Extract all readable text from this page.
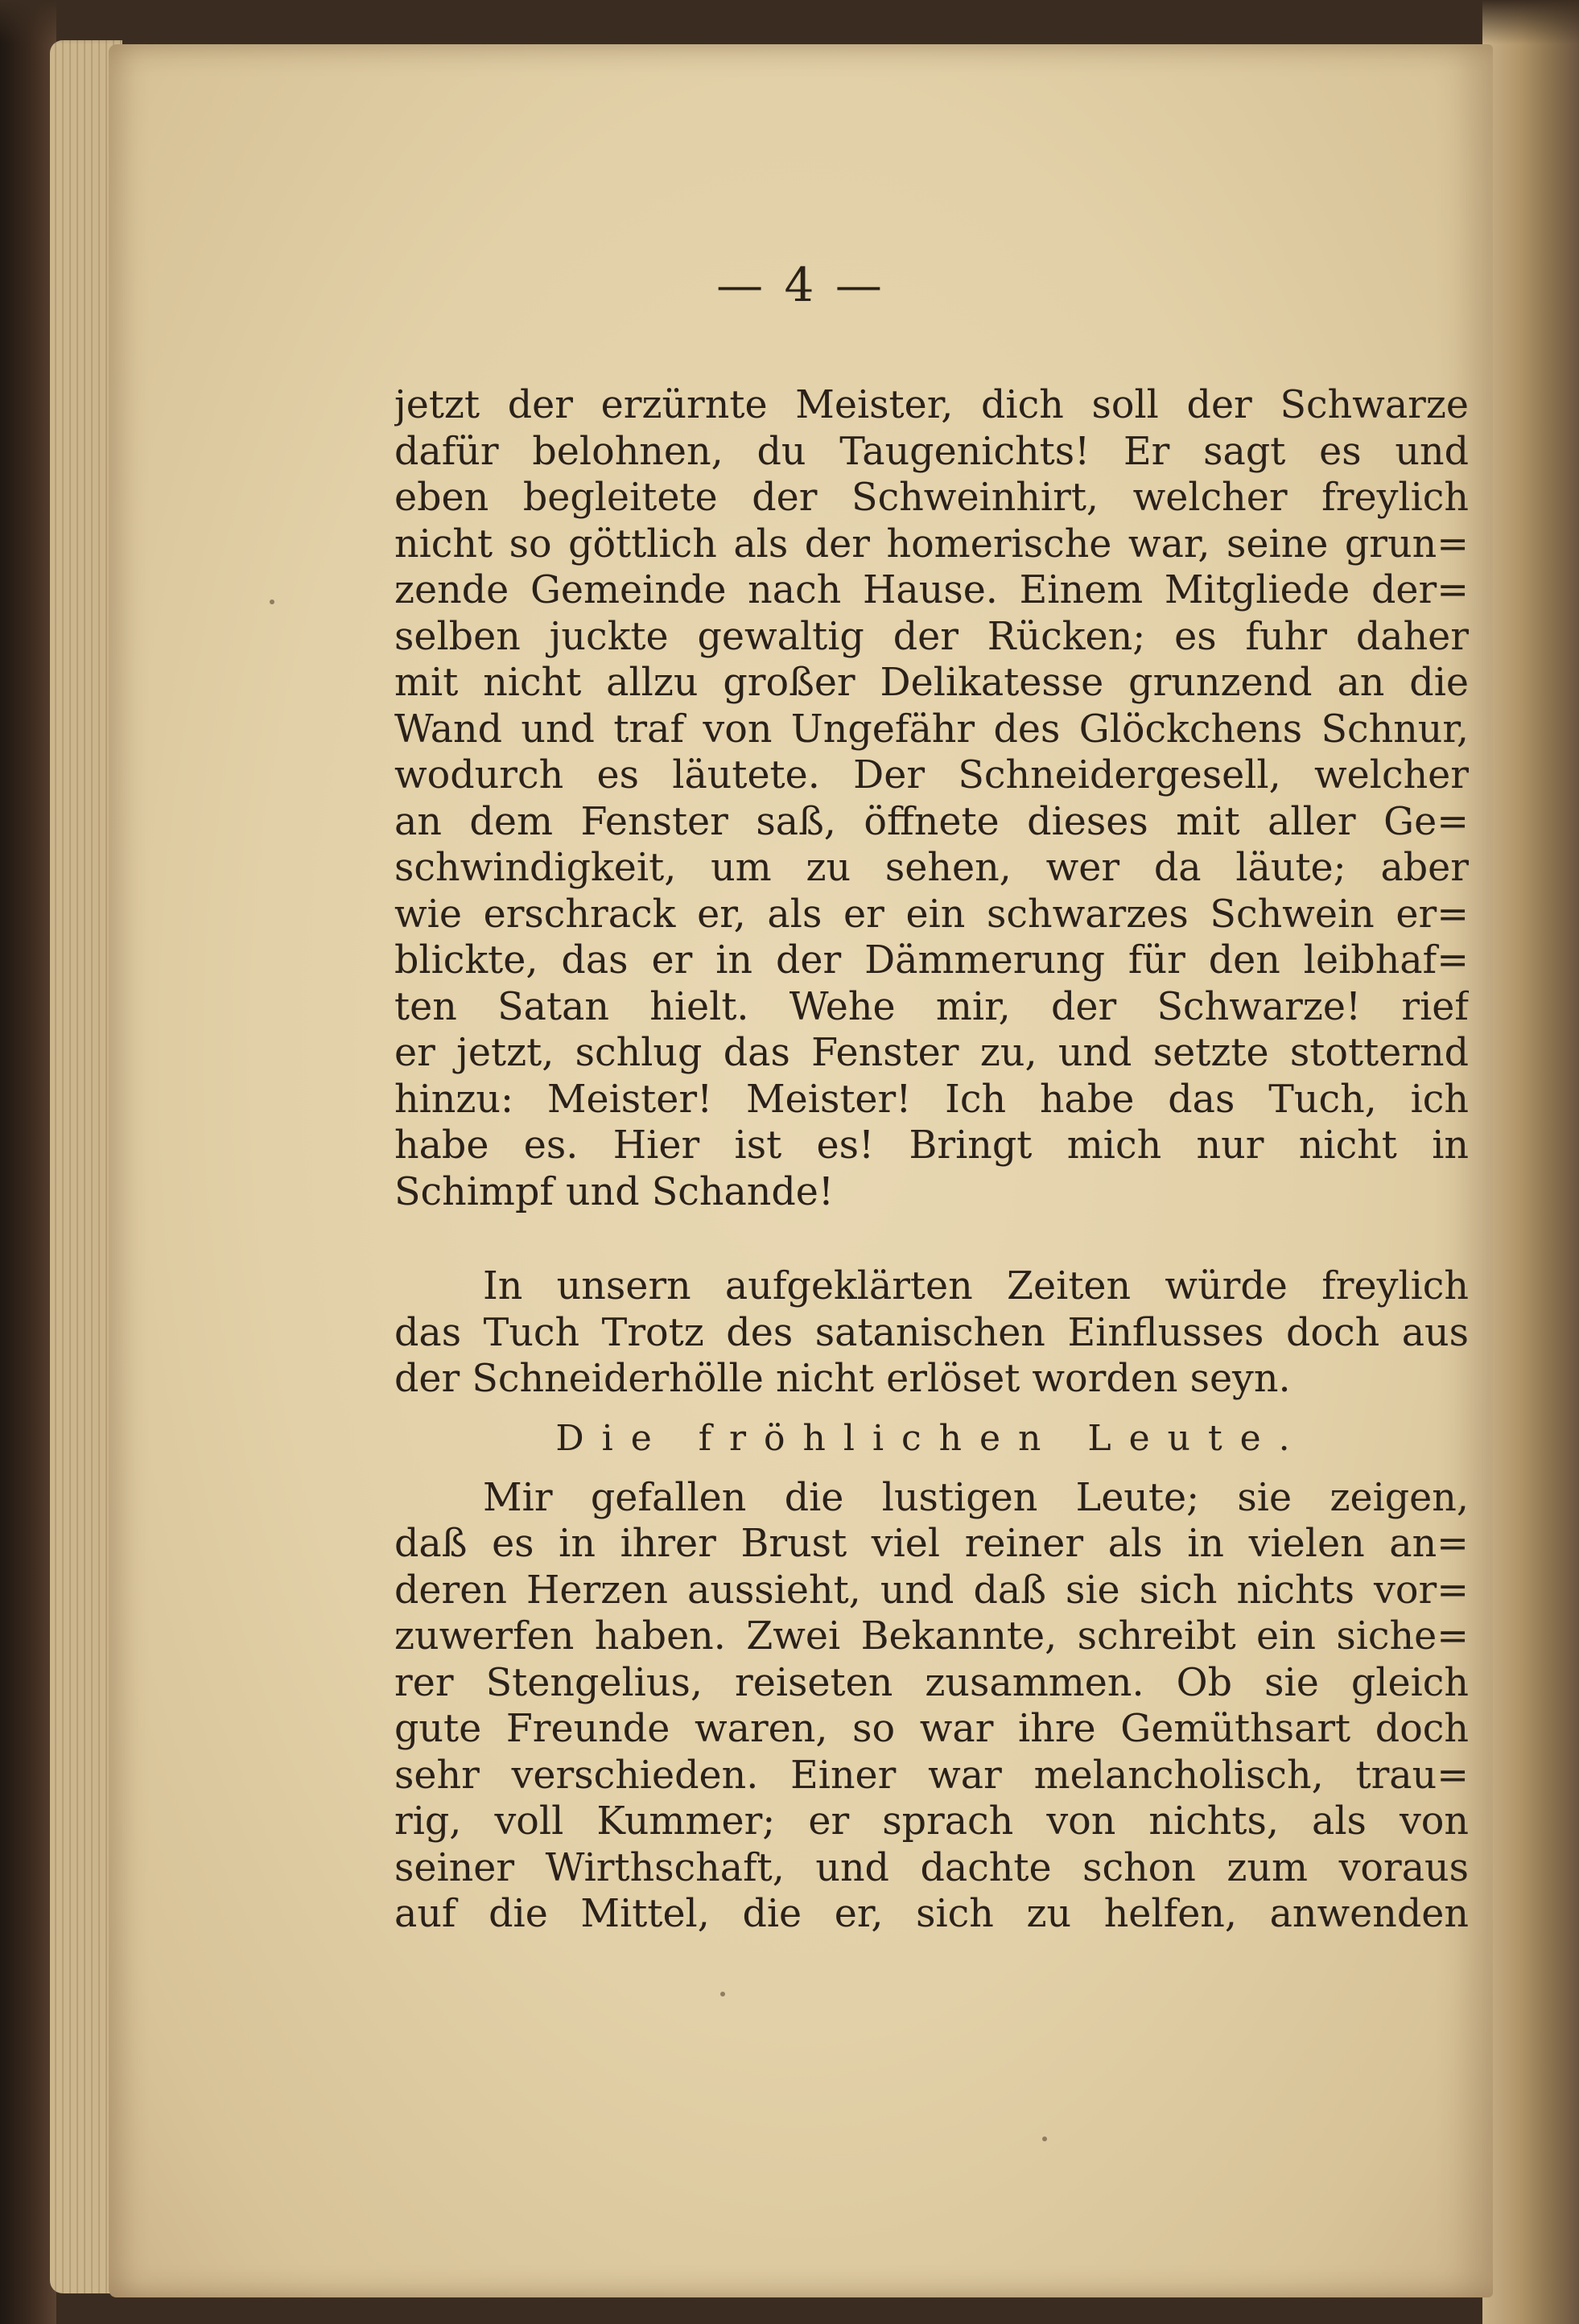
— 4 —
jetzt der erzürnte Meister, dich soll der Schwarze
dafür belohnen, du Taugenichts! Er sagt es und
eben begleitete der Schweinhirt, welcher freylich
nicht so göttlich als der homerische war, seine grun=
zende Gemeinde nach Hause. Einem Mitgliede der=
selben juckte gewaltig der Rücken; es fuhr daher
mit nicht allzu großer Delikatesse grunzend an die
Wand und traf von Ungefähr des Glöckchens Schnur,
wodurch es läutete. Der Schneidergesell, welcher
an dem Fenster saß, öffnete dieses mit aller Ge=
schwindigkeit, um zu sehen, wer da läute; aber
wie erschrack er, als er ein schwarzes Schwein er=
blickte, das er in der Dämmerung für den leibhaf=
ten Satan hielt. Wehe mir, der Schwarze! rief
er jetzt, schlug das Fenster zu, und setzte stotternd
hinzu: Meister! Meister! Ich habe das Tuch, ich
habe es. Hier ist es! Bringt mich nur nicht in
Schimpf und Schande!
In unsern aufgeklärten Zeiten würde freylich
das Tuch Trotz des satanischen Einflusses doch aus
der Schneiderhölle nicht erlöset worden seyn.
Die fröhlichen Leute.
Mir gefallen die lustigen Leute; sie zeigen,
daß es in ihrer Brust viel reiner als in vielen an=
deren Herzen aussieht, und daß sie sich nichts vor=
zuwerfen haben. Zwei Bekannte, schreibt ein siche=
rer Stengelius, reiseten zusammen. Ob sie gleich
gute Freunde waren, so war ihre Gemüthsart doch
sehr verschieden. Einer war melancholisch, trau=
rig, voll Kummer; er sprach von nichts, als von
seiner Wirthschaft, und dachte schon zum voraus
auf die Mittel, die er, sich zu helfen, anwenden
